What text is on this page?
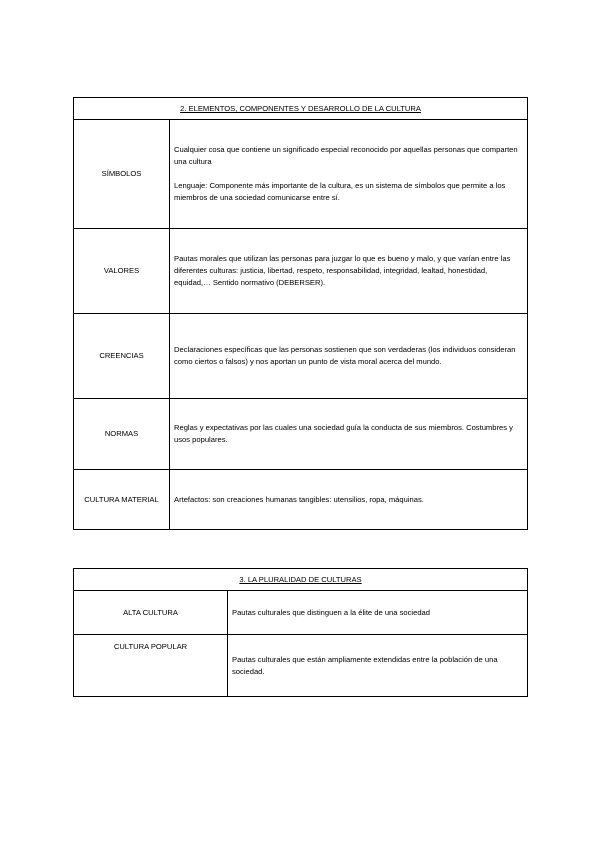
2. ELEMENTOS, COMPONENTES Y DESARROLLO DE LA CULTURA	
SÍMBOLOS	Cualquier cosa que contiene un significado especial reconocido por aquellas personas que comparten una cultura
Lenguaje: Componente más importante de la cultura, es un sistema de símbolos que permite a los miembros de una sociedad comunicarse entre sí.

VALORES	Pautas morales que utilizan las personas para juzgar lo que es bueno y malo, y que varían entre las diferentes culturas: justicia, libertad, respeto, responsabilidad, integridad, lealtad, honestidad, equidad,… Sentido normativo (DEBERSER).

CREENCIAS	Declaraciones específicas que las personas sostienen que son verdaderas (los individuos consideran como ciertos o falsos) y nos aportan un punto de vista moral acerca del mundo.

NORMAS	Reglas y expectativas por las cuales una sociedad guía la conducta de sus miembros. Costumbres y usos populares.

CULTURA MATERIAL	Artefactos: son creaciones humanas tangibles: utensilios, ropa, máquinas.
3. LA PLURALIDAD DE CULTURAS	
ALTA CULTURA	Pautas culturales que distinguen a la élite de una sociedad
CULTURA POPULAR	Pautas culturales que están ampliamente extendidas entre la población de una sociedad.
